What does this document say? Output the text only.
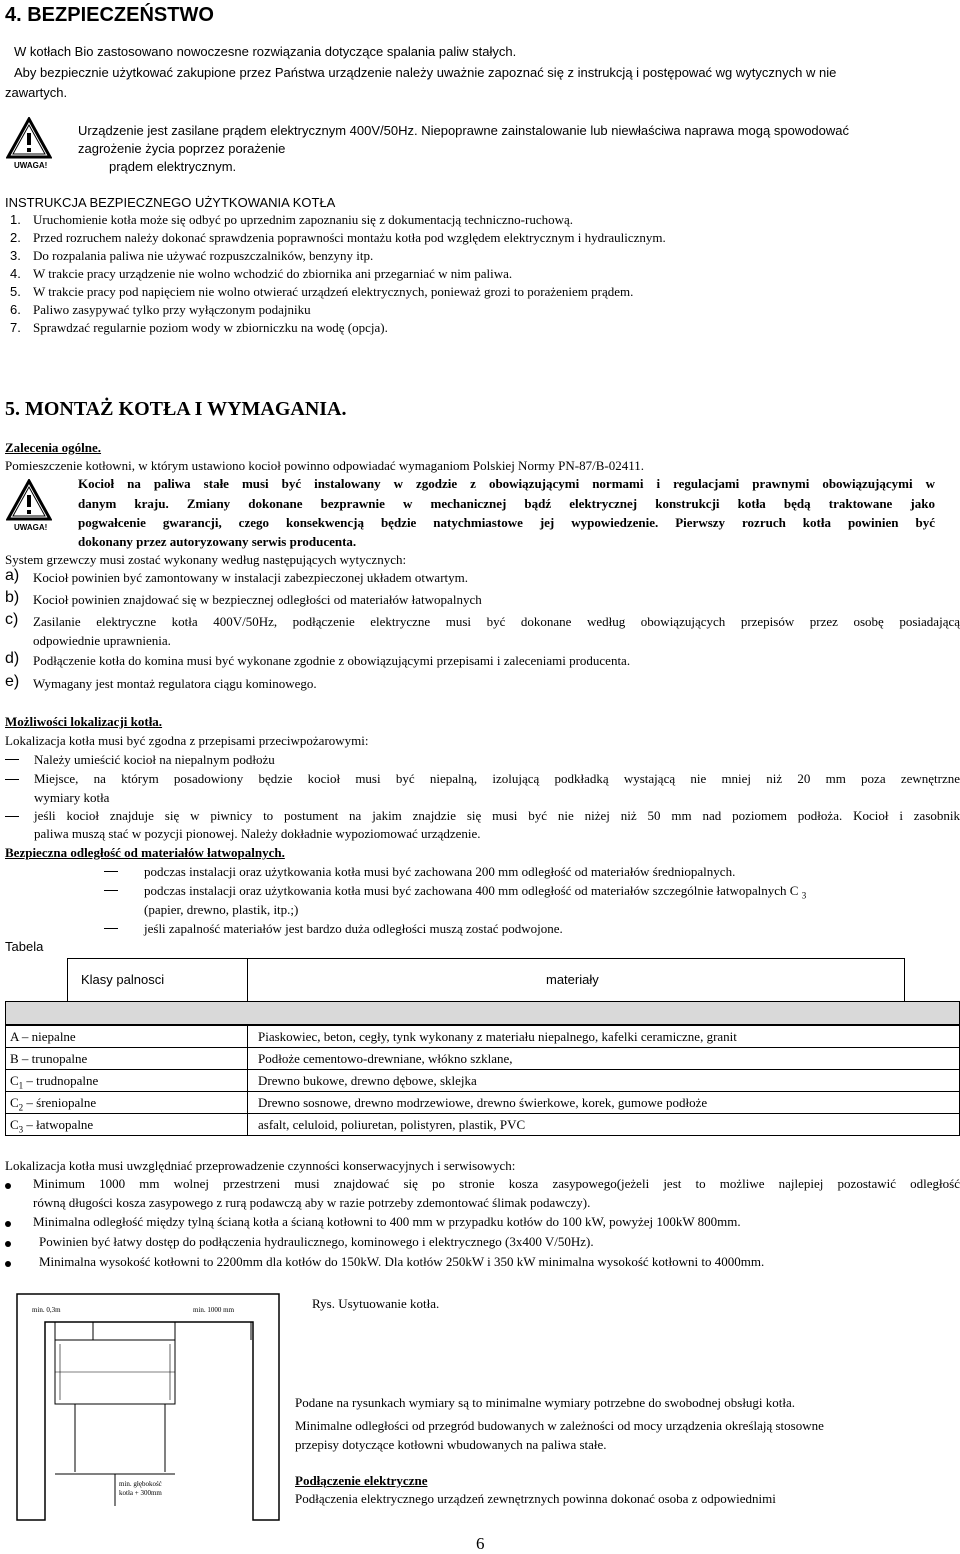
4. BEZPIECZEŃSTWO
W kotłach Bio zastosowano nowoczesne rozwiązania dotyczące spalania paliw stałych.
Aby bezpiecznie użytkować zakupione przez Państwa urządzenie należy uważnie zapoznać się z instrukcją i postępować wg wytycznych w nie
zawartych.
UWAGA!
Urządzenie jest zasilane prądem elektrycznym 400V/50Hz. Niepoprawne zainstalowanie lub niewłaściwa naprawa mogą spowodować
zagrożenie życia poprzez porażenie
prądem elektrycznym.
INSTRUKCJA BEZPIECZNEGO UŻYTKOWANIA KOTŁA
1. Uruchomienie kotła może się odbyć po uprzednim zapoznaniu się z dokumentacją techniczno-ruchową.
2. Przed rozruchem należy dokonać sprawdzenia poprawności montażu kotła pod względem elektrycznym i hydraulicznym.
3. Do rozpalania paliwa nie używać rozpuszczalników, benzyny itp.
4. W trakcie pracy urządzenie nie wolno wchodzić do zbiornika ani przegarniać w nim paliwa.
5. W trakcie pracy pod napięciem nie wolno otwierać urządzeń elektrycznych, ponieważ grozi to porażeniem prądem.
6. Paliwo zasypywać tylko przy wyłączonym podajniku
7. Sprawdzać regularnie poziom wody w zbiorniczku na wodę (opcja).
5. MONTAŻ KOTŁA I WYMAGANIA.
Zalecenia ogólne.
Pomieszczenie kotłowni, w którym ustawiono kocioł powinno odpowiadać wymaganiom Polskiej Normy PN-87/B-02411.
UWAGA!
Kocioł na paliwa stałe musi być instalowany w zgodzie z obowiązującymi normami i regulacjami prawnymi obowiązującymi w
danym kraju. Zmiany dokonane bezprawnie w mechanicznej bądź elektrycznej konstrukcji kotła będą traktowane jako
pogwałcenie gwarancji, czego konsekwencją będzie natychmiastowe jej wypowiedzenie. Pierwszy rozruch kotła powinien być
dokonany przez autoryzowany serwis producenta.
System grzewczy musi zostać wykonany według następujących wytycznych:
a) Kocioł powinien być zamontowany w instalacji zabezpieczonej układem otwartym.
b) Kocioł powinien znajdować się w bezpiecznej odległości od materiałów łatwopalnych
c) Zasilanie elektryczne kotła 400V/50Hz, podłączenie elektryczne musi być dokonane według obowiązujących przepisów przez osobę posiadającą
odpowiednie uprawnienia.
d) Podłączenie kotła do komina musi być wykonane zgodnie z obowiązującymi przepisami i zaleceniami producenta.
e) Wymagany jest montaż regulatora ciągu kominowego.
Możliwości lokalizacji kotła.
Lokalizacja kotła musi być zgodna z przepisami przeciwpożarowymi:
Należy umieścić kocioł na niepalnym podłożu
Miejsce, na którym posadowiony będzie kocioł musi być niepalną, izolującą podkładką wystającą nie mniej niż 20 mm poza zewnętrzne
wymiary kotła
jeśli kocioł znajduje się w piwnicy to postument na jakim znajdzie się musi być nie niżej niż 50 mm nad poziomem podłoża. Kocioł i zasobnik
paliwa muszą stać w pozycji pionowej. Należy dokładnie wypoziomować urządzenie.
Bezpieczna odległość od materiałów łatwopalnych.
podczas instalacji oraz użytkowania kotła musi być zachowana 200 mm odległość od materiałów średniopalnych.
podczas instalacji oraz użytkowania kotła musi być zachowana 400 mm odległość od materiałów szczególnie łatwopalnych C $_3$
(papier, drewno, plastik, itp.;)
jeśli zapalność materiałów jest bardzo duża odległości muszą zostać podwojone.
Tabela
Klasy palnosci	materiały
A – niepalne	Piaskowiec, beton, cegły, tynk wykonany z materiału niepalnego, kafelki ceramiczne, granit
B – trunopalne	Podłoże cementowo-drewniane, włókno szklane,
$C_1$ – trudnopalne	Drewno bukowe, drewno dębowe, sklejka
$C_2$ – śreniopalne	Drewno sosnowe, drewno modrzewiowe, drewno świerkowe, korek, gumowe podłoże
$C_3$ – łatwopalne	asfalt, celuloid, poliuretan, polistyren, plastik, PVC
Lokalizacja kotła musi uwzględniać przeprowadzenie czynności konserwacyjnych i serwisowych:
Minimum 1000 mm wolnej przestrzeni musi znajdować się po stronie kosza zasypowego(jeżeli jest to możliwe najlepiej pozostawić odległość
równą długości kosza zasypowego z rurą podawczą aby w razie potrzeby zdemontować ślimak podawczy).
Minimalna odległość między tylną ścianą kotła a ścianą kotłowni to 400 mm w przypadku kotłów do 100 kW, powyżej 100kW 800mm.
Powinien być łatwy dostęp do podłączenia hydraulicznego, kominowego i elektrycznego (3x400 V/50Hz).
Minimalna wysokość kotłowni to 2200mm dla kotłów do 150kW. Dla kotłów 250kW i 350 kW minimalna wysokość kotłowni to 4000mm.
min. 0,3m	min. 1000 mm
min. głębokość
kotła + 300mm
Rys. Usytuowanie kotła.
Podane na rysunkach wymiary są to minimalne wymiary potrzebne do swobodnej obsługi kotła.
Minimalne odległości od przegród budowanych w zależności od mocy urządzenia określają stosowne
przepisy dotyczące kotłowni wbudowanych na paliwa stałe.
Podłączenie elektryczne
Podłączenia elektrycznego urządzeń zewnętrznych powinna dokonać osoba z odpowiednimi
6
